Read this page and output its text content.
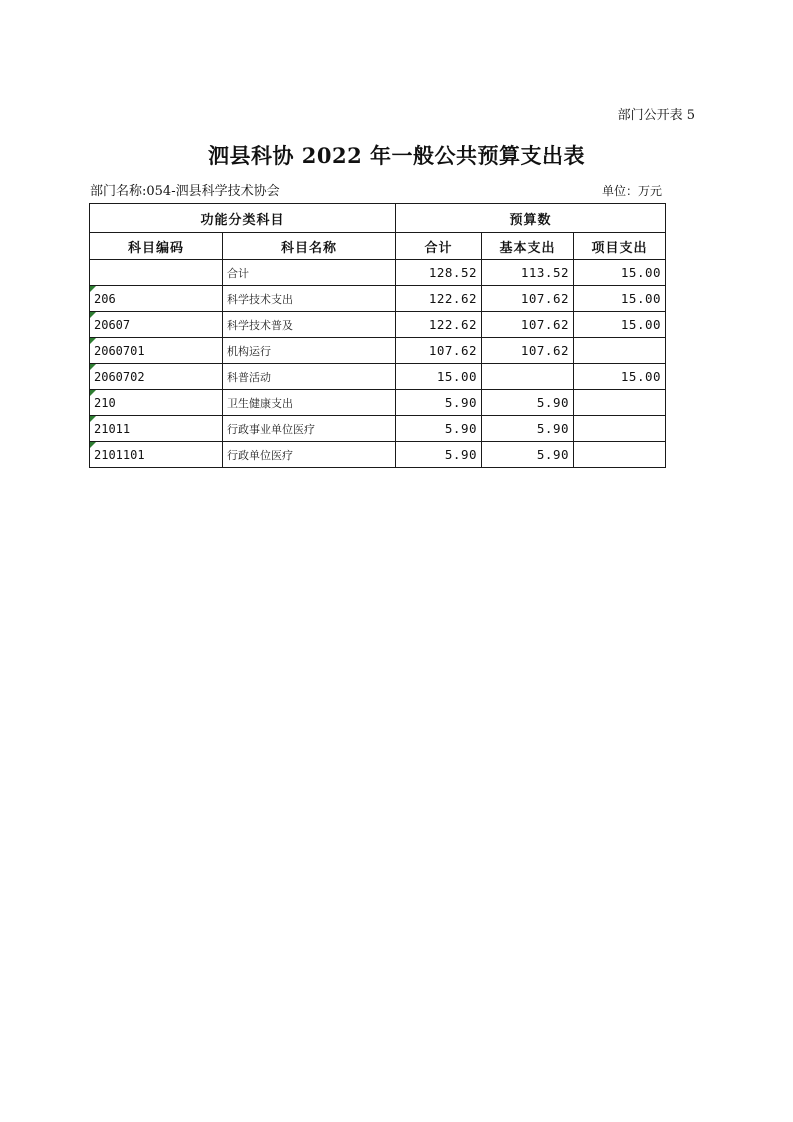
部门公开表 5
泗县科协 2022 年一般公共预算支出表
部门名称:054-泗县科学技术协会	单位：万元
功能分类科目		预算数		
科目编码	科目名称	合计	基本支出	项目支出
	合计	128.52	113.52	15.00
206	科学技术支出	122.62	107.62	15.00
20607	科学技术普及	122.62	107.62	15.00
2060701	机构运行	107.62	107.62	
2060702	科普活动	15.00		15.00
210	卫生健康支出	5.90	5.90	
21011	行政事业单位医疗	5.90	5.90	
2101101	行政单位医疗	5.90	5.90	
